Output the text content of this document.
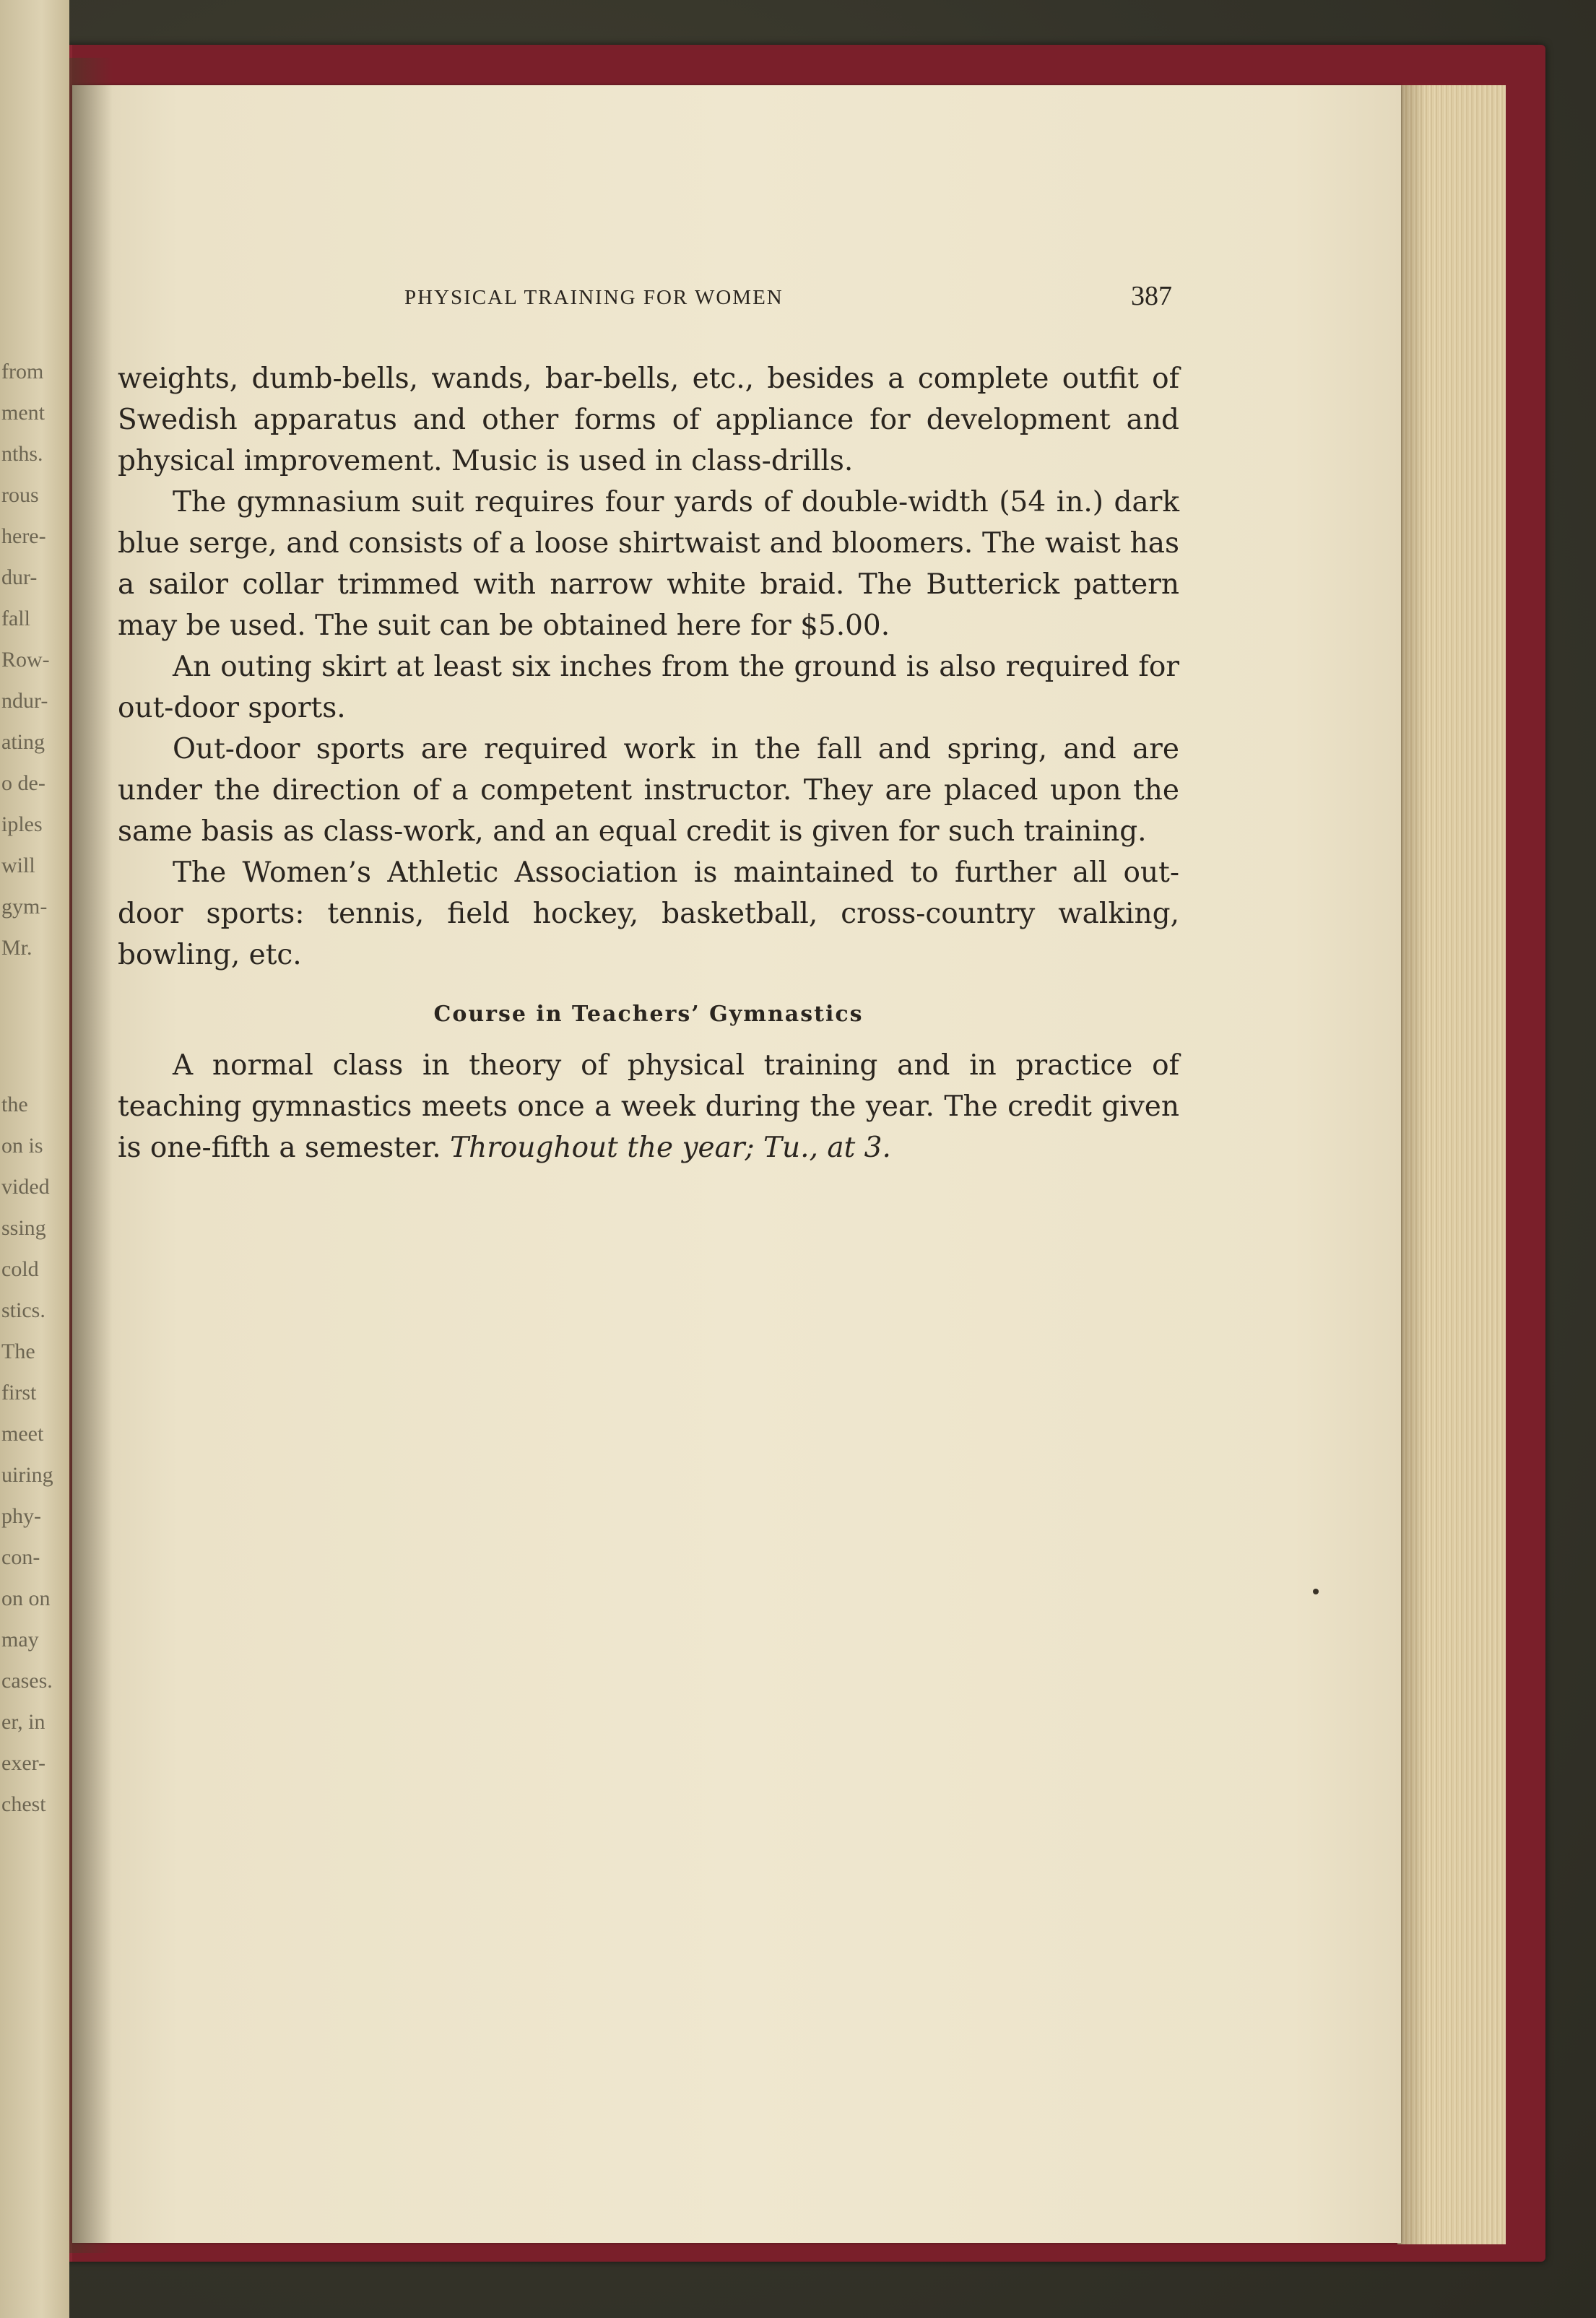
from
ment
nths.
rous
here-
dur-
fall
Row-
ndur-
ating
o de-
iples
will
gym-
Mr.
the
on is
vided
ssing
cold
stics.
The
first
meet
uiring
phy-
con-
on on
may
cases.
er, in
exer-
chest
PHYSICAL TRAINING FOR WOMEN	387

weights, dumb-bells, wands, bar-bells, etc., besides a complete outfit of Swedish apparatus and other forms of appliance for development and physical improvement. Music is used in class-drills.

The gymnasium suit requires four yards of double-width (54 in.) dark blue serge, and consists of a loose shirtwaist and bloomers. The waist has a sailor collar trimmed with narrow white braid. The Butterick pattern may be used. The suit can be obtained here for $5.00.

An outing skirt at least six inches from the ground is also required for out-door sports.

Out-door sports are required work in the fall and spring, and are under the direction of a competent instructor. They are placed upon the same basis as class-work, and an equal credit is given for such training.

The Women’s Athletic Association is maintained to further all out-door sports: tennis, field hockey, basketball, cross-country walking, bowling, etc.

Course in Teachers’ Gymnastics

A normal class in theory of physical training and in practice of teaching gymnastics meets once a week during the year. The credit given is one-fifth a semester. Throughout the year; Tu., at 3.
